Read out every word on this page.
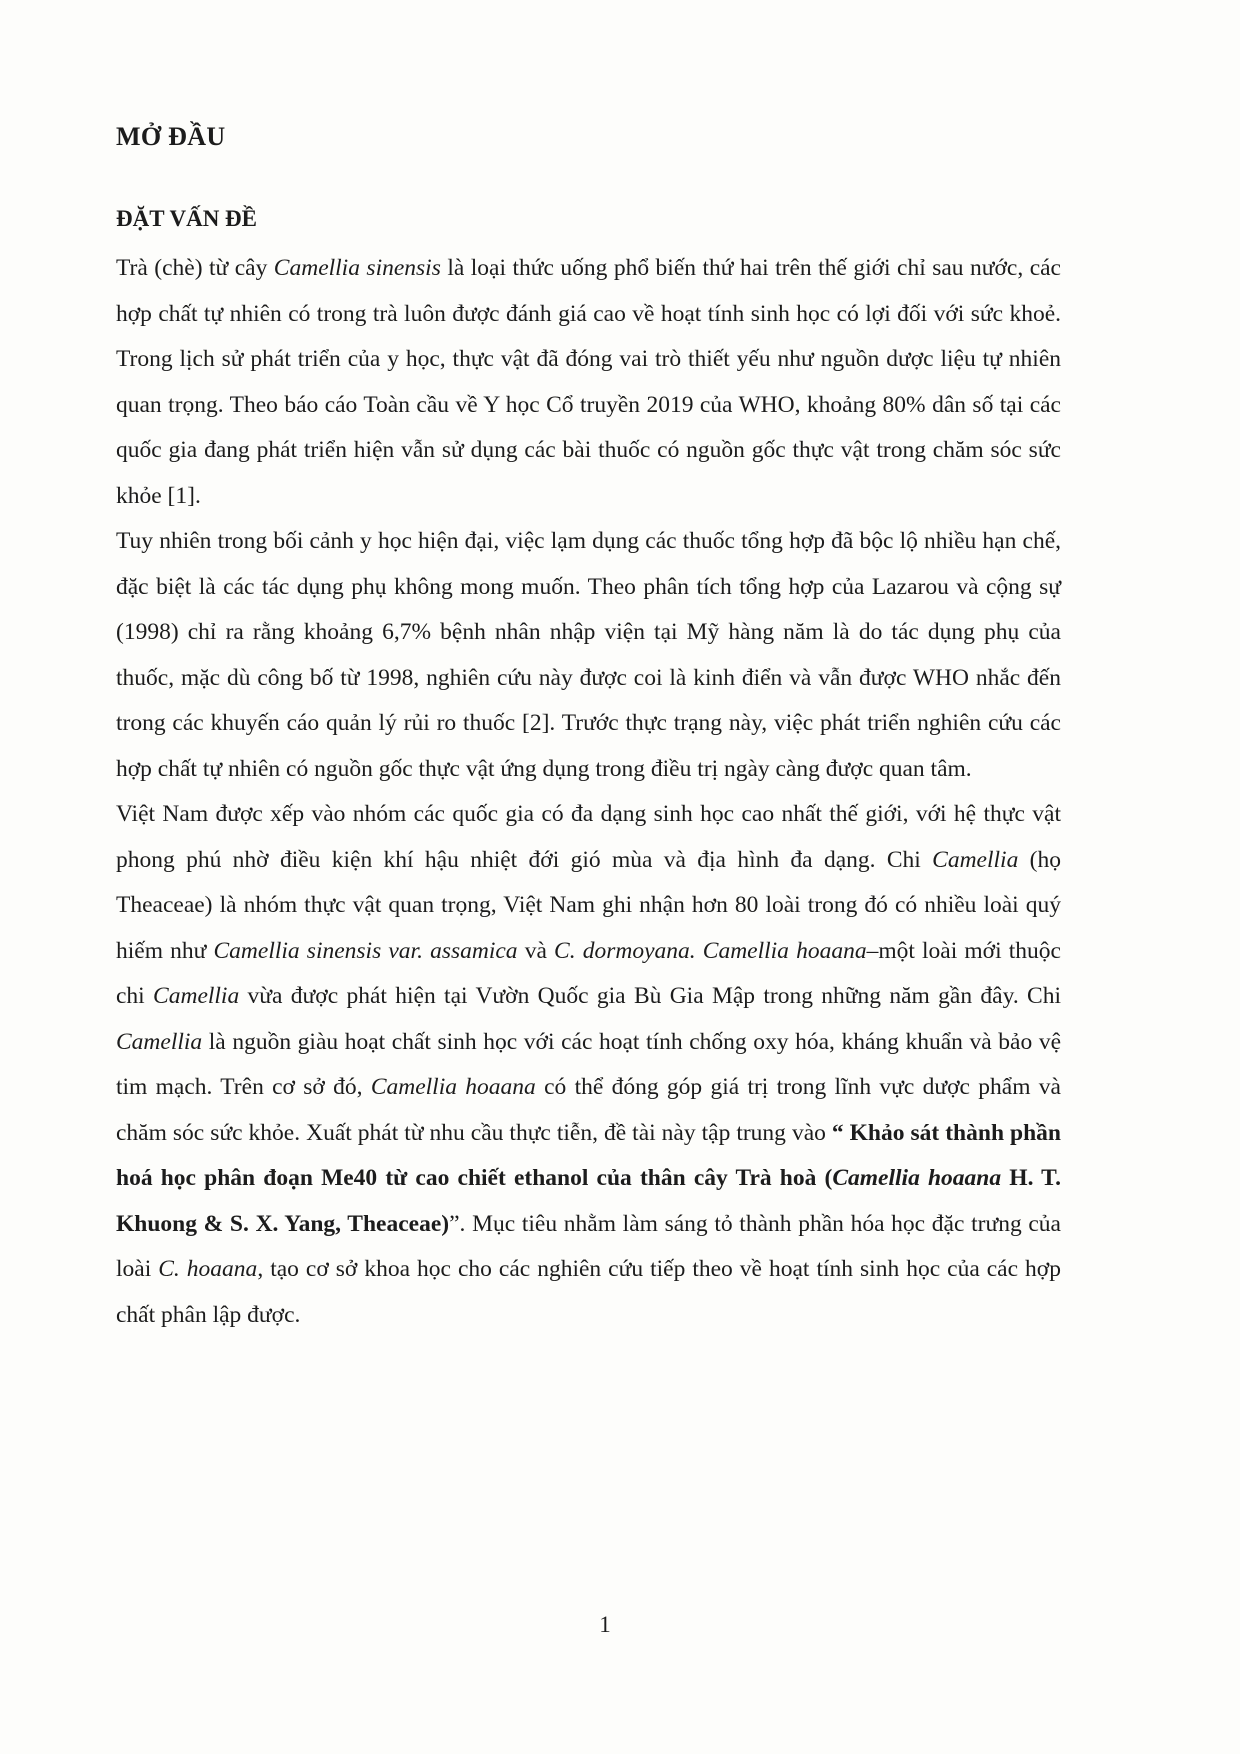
MỞ ĐẦU
ĐẶT VẤN ĐỀ

Trà (chè) từ cây Camellia sinensis là loại thức uống phổ biến thứ hai trên thế giới chỉ sau nước, các hợp chất tự nhiên có trong trà luôn được đánh giá cao về hoạt tính sinh học có lợi đối với sức khoẻ. Trong lịch sử phát triển của y học, thực vật đã đóng vai trò thiết yếu như nguồn dược liệu tự nhiên quan trọng. Theo báo cáo Toàn cầu về Y học Cổ truyền 2019 của WHO, khoảng 80% dân số tại các quốc gia đang phát triển hiện vẫn sử dụng các bài thuốc có nguồn gốc thực vật trong chăm sóc sức khỏe [1].

Tuy nhiên trong bối cảnh y học hiện đại, việc lạm dụng các thuốc tổng hợp đã bộc lộ nhiều hạn chế, đặc biệt là các tác dụng phụ không mong muốn. Theo phân tích tổng hợp của Lazarou và cộng sự (1998) chỉ ra rằng khoảng 6,7% bệnh nhân nhập viện tại Mỹ hàng năm là do tác dụng phụ của thuốc, mặc dù công bố từ 1998, nghiên cứu này được coi là kinh điển và vẫn được WHO nhắc đến trong các khuyến cáo quản lý rủi ro thuốc [2]. Trước thực trạng này, việc phát triển nghiên cứu các hợp chất tự nhiên có nguồn gốc thực vật ứng dụng trong điều trị ngày càng được quan tâm.

Việt Nam được xếp vào nhóm các quốc gia có đa dạng sinh học cao nhất thế giới, với hệ thực vật phong phú nhờ điều kiện khí hậu nhiệt đới gió mùa và địa hình đa dạng. Chi Camellia (họ Theaceae) là nhóm thực vật quan trọng, Việt Nam ghi nhận hơn 80 loài trong đó có nhiều loài quý hiếm như Camellia sinensis var. assamica và C. dormoyana. Camellia hoaana–một loài mới thuộc chi Camellia vừa được phát hiện tại Vườn Quốc gia Bù Gia Mập trong những năm gần đây. Chi Camellia là nguồn giàu hoạt chất sinh học với các hoạt tính chống oxy hóa, kháng khuẩn và bảo vệ tim mạch. Trên cơ sở đó, Camellia hoaana có thể đóng góp giá trị trong lĩnh vực dược phẩm và chăm sóc sức khỏe. Xuất phát từ nhu cầu thực tiễn, đề tài này tập trung vào “ Khảo sát thành phần hoá học phân đoạn Me40 từ cao chiết ethanol của thân cây Trà hoà (Camellia hoaana H. T. Khuong & S. X. Yang, Theaceae)”. Mục tiêu nhằm làm sáng tỏ thành phần hóa học đặc trưng của loài C. hoaana, tạo cơ sở khoa học cho các nghiên cứu tiếp theo về hoạt tính sinh học của các hợp chất phân lập được.

1
